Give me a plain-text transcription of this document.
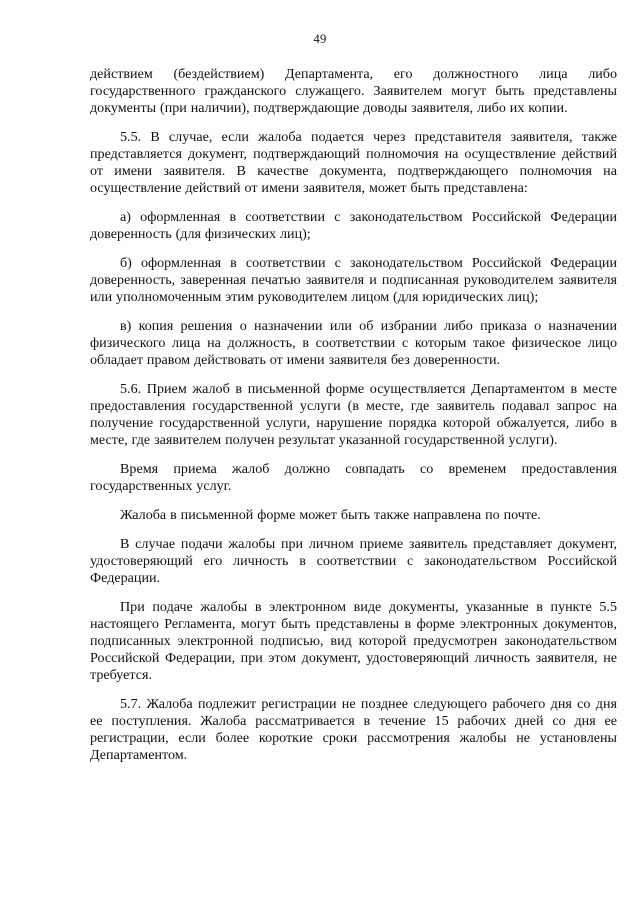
49

действием (бездействием) Департамента, его должностного лица либо государственного гражданского служащего. Заявителем могут быть представлены документы (при наличии), подтверждающие доводы заявителя, либо их копии.

5.5. В случае, если жалоба подается через представителя заявителя, также представляется документ, подтверждающий полномочия на осуществление действий от имени заявителя. В качестве документа, подтверждающего полномочия на осуществление действий от имени заявителя, может быть представлена:

а) оформленная в соответствии с законодательством Российской Федерации доверенность (для физических лиц);

б) оформленная в соответствии с законодательством Российской Федерации доверенность, заверенная печатью заявителя и подписанная руководителем заявителя или уполномоченным этим руководителем лицом (для юридических лиц);

в) копия решения о назначении или об избрании либо приказа о назначении физического лица на должность, в соответствии с которым такое физическое лицо обладает правом действовать от имени заявителя без доверенности.

5.6. Прием жалоб в письменной форме осуществляется Департаментом в месте предоставления государственной услуги (в месте, где заявитель подавал запрос на получение государственной услуги, нарушение порядка которой обжалуется, либо в месте, где заявителем получен результат указанной государственной услуги).

Время приема жалоб должно совпадать со временем предоставления государственных услуг.

Жалоба в письменной форме может быть также направлена по почте.

В случае подачи жалобы при личном приеме заявитель представляет документ, удостоверяющий его личность в соответствии с законодательством Российской Федерации.

При подаче жалобы в электронном виде документы, указанные в пункте 5.5 настоящего Регламента, могут быть представлены в форме электронных документов, подписанных электронной подписью, вид которой предусмотрен законодательством Российской Федерации, при этом документ, удостоверяющий личность заявителя, не требуется.

5.7. Жалоба подлежит регистрации не позднее следующего рабочего дня со дня ее поступления. Жалоба рассматривается в течение 15 рабочих дней со дня ее регистрации, если более короткие сроки рассмотрения жалобы не установлены Департаментом.
